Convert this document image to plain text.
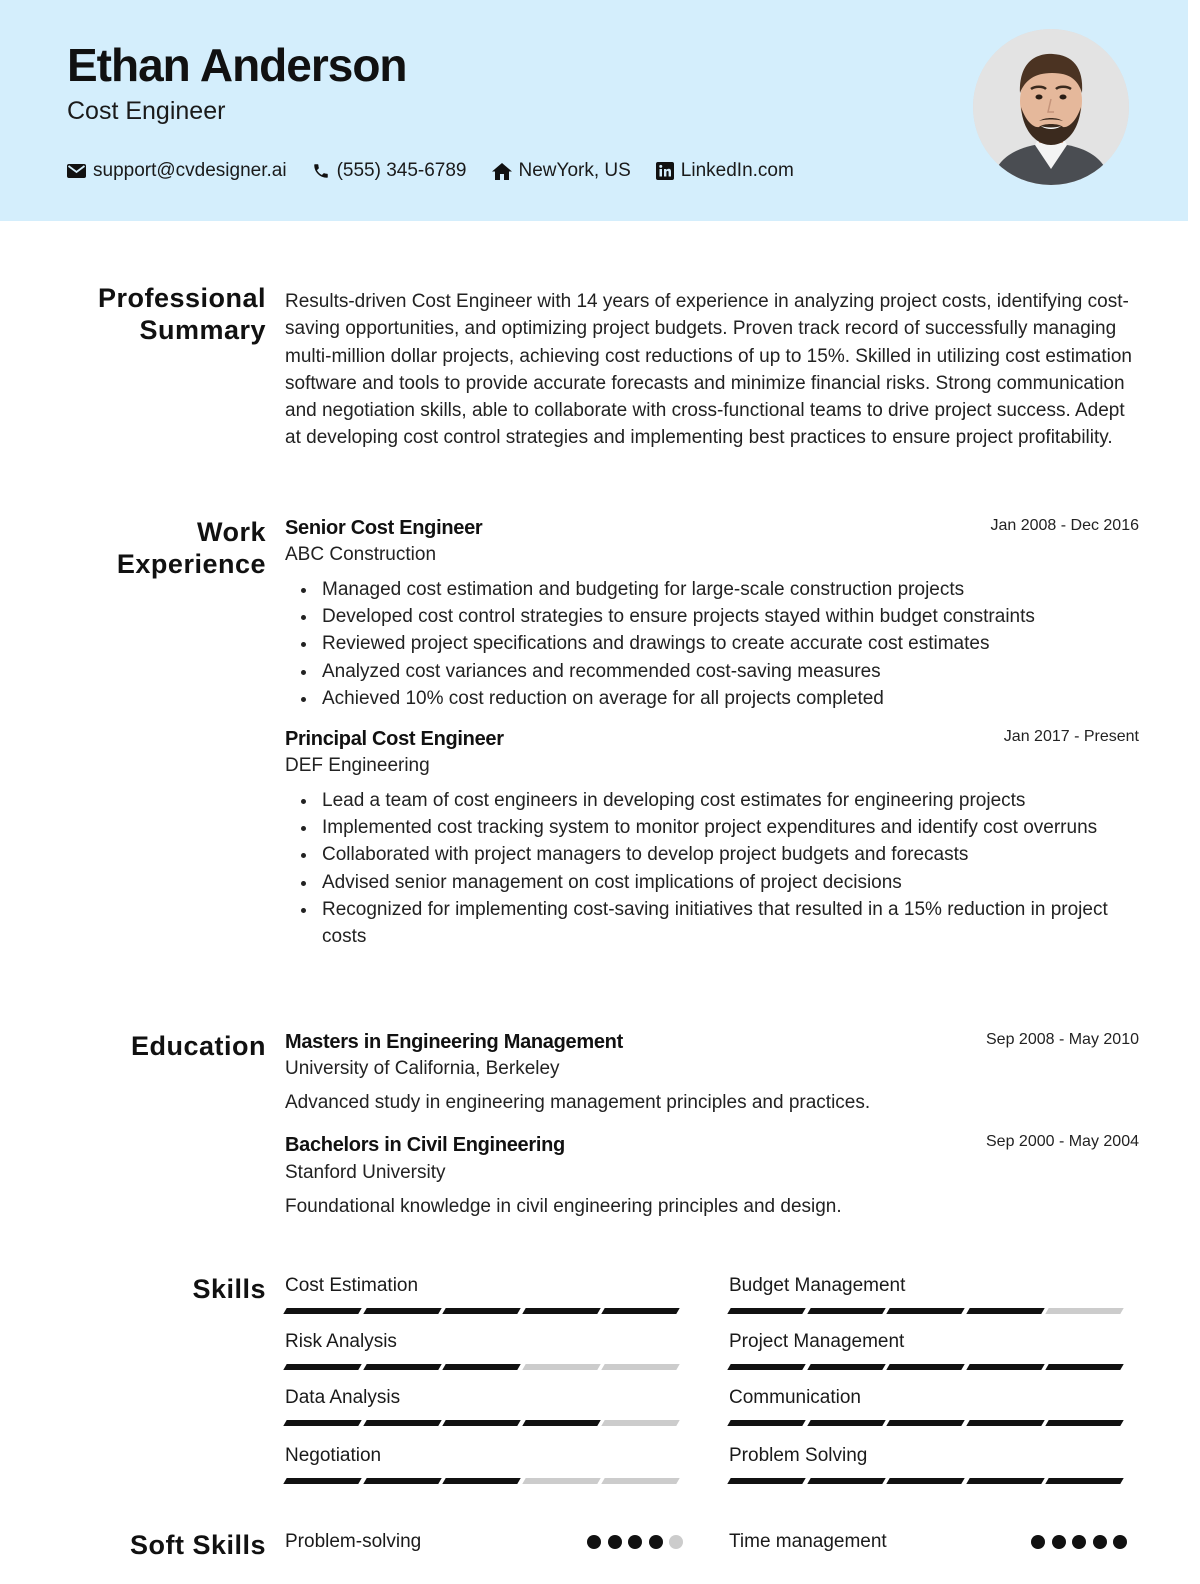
Ethan Anderson
Cost Engineer
support@cvdesigner.ai	(555) 345-6789	NewYork, US	LinkedIn.com
Professional Summary
Results-driven Cost Engineer with 14 years of experience in analyzing project costs, identifying cost-saving opportunities, and optimizing project budgets. Proven track record of successfully managing multi-million dollar projects, achieving cost reductions of up to 15%. Skilled in utilizing cost estimation software and tools to provide accurate forecasts and minimize financial risks. Strong communication and negotiation skills, able to collaborate with cross-functional teams to drive project success. Adept at developing cost control strategies and implementing best practices to ensure project profitability.
Work Experience
Senior Cost Engineer	Jan 2008 - Dec 2016
ABC Construction
Managed cost estimation and budgeting for large-scale construction projects
Developed cost control strategies to ensure projects stayed within budget constraints
Reviewed project specifications and drawings to create accurate cost estimates
Analyzed cost variances and recommended cost-saving measures
Achieved 10% cost reduction on average for all projects completed
Principal Cost Engineer	Jan 2017 - Present
DEF Engineering
Lead a team of cost engineers in developing cost estimates for engineering projects
Implemented cost tracking system to monitor project expenditures and identify cost overruns
Collaborated with project managers to develop project budgets and forecasts
Advised senior management on cost implications of project decisions
Recognized for implementing cost-saving initiatives that resulted in a 15% reduction in project costs
Education Masters in Engineering Management	Sep 2008 - May 2010
University of California, Berkeley
Advanced study in engineering management principles and practices.
Bachelors in Civil Engineering	Sep 2000 - May 2004
Stanford University
Foundational knowledge in civil engineering principles and design.
Skills Cost Estimation	Budget Management
Risk Analysis	Project Management
Data Analysis	Communication
Negotiation	Problem Solving
Soft Skills Problem-solving	Time management
